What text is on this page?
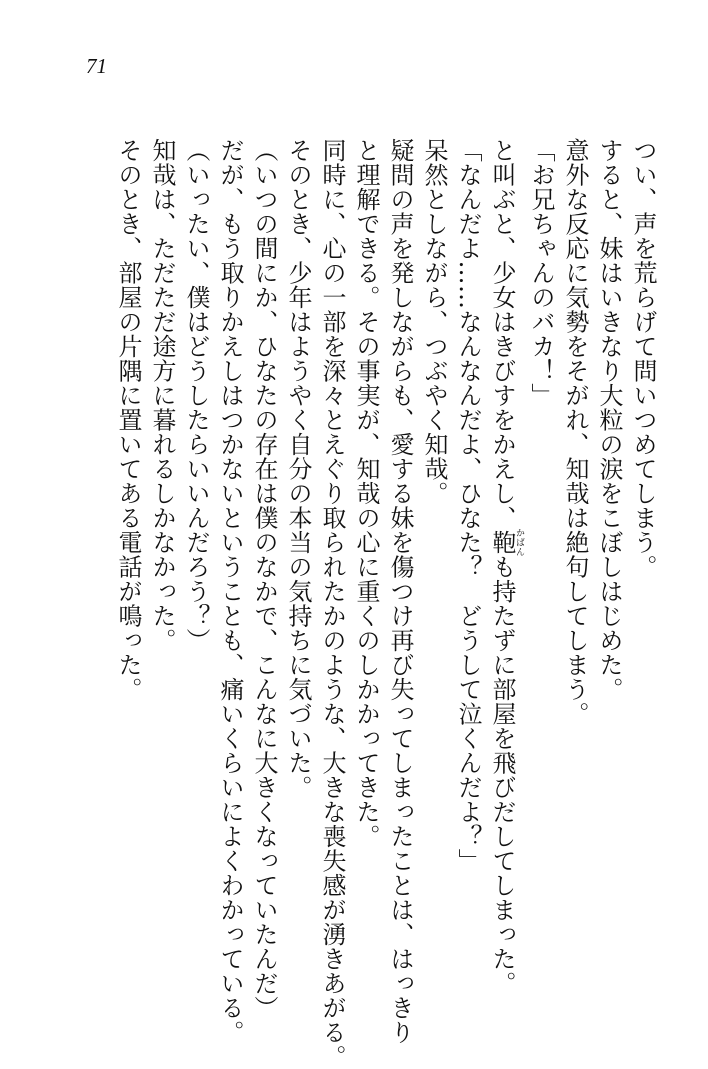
71

つい、声を荒らげて問いつめてしまう。

すると、妹はいきなり大粒の涙をこぼしはじめた。

意外な反応に気勢をそがれ、知哉は絶句してしまう。

「お兄ちゃんのバカ！」

と叫ぶと、少女はきびすをかえし、鞄かばんも持たずに部屋を飛びだしてしまった。

「なんだよ……なんなんだよ、ひなた？　どうして泣くんだよ？」

呆然としながら、つぶやく知哉。

疑問の声を発しながらも、愛する妹を傷つけ再び失ってしまったことは、はっきり

と理解できる。その事実が、知哉の心に重くのしかかってきた。

同時に、心の一部を深々とえぐり取られたかのような、大きな喪失感が湧きあがる。

そのとき、少年はようやく自分の本当の気持ちに気づいた。

（いつの間にか、ひなたの存在は僕のなかで、こんなに大きくなっていたんだ）

だが、もう取りかえしはつかないということも、痛いくらいによくわかっている。

（いったい、僕はどうしたらいいんだろう？）

知哉は、ただただ途方に暮れるしかなかった。

そのとき、部屋の片隅に置いてある電話が鳴った。
